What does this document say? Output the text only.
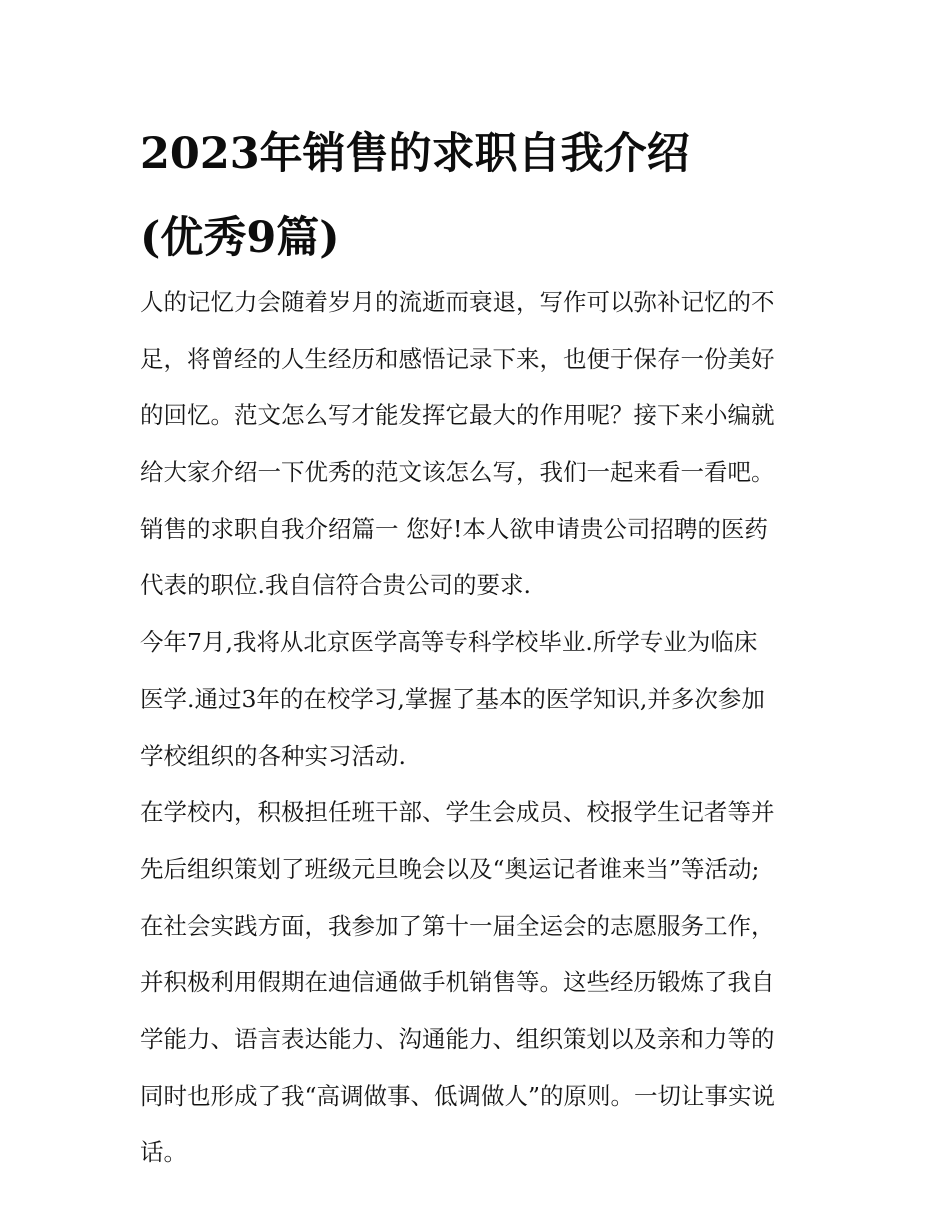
2023年销售的求职自我介绍
(优秀9篇)
人的记忆力会随着岁月的流逝而衰退，写作可以弥补记忆的不
足，将曾经的人生经历和感悟记录下来，也便于保存一份美好
的回忆。范文怎么写才能发挥它最大的作用呢？接下来小编就
给大家介绍一下优秀的范文该怎么写，我们一起来看一看吧。
销售的求职自我介绍篇一 您好!本人欲申请贵公司招聘的医药
代表的职位.我自信符合贵公司的要求.
今年7月,我将从北京医学高等专科学校毕业.所学专业为临床
医学.通过3年的在校学习,掌握了基本的医学知识,并多次参加
学校组织的各种实习活动.
在学校内，积极担任班干部、学生会成员、校报学生记者等并
先后组织策划了班级元旦晚会以及“奥运记者谁来当”等活动;
在社会实践方面，我参加了第十一届全运会的志愿服务工作，
并积极利用假期在迪信通做手机销售等。这些经历锻炼了我自
学能力、语言表达能力、沟通能力、组织策划以及亲和力等的
同时也形成了我“高调做事、低调做人”的原则。一切让事实说
话。
